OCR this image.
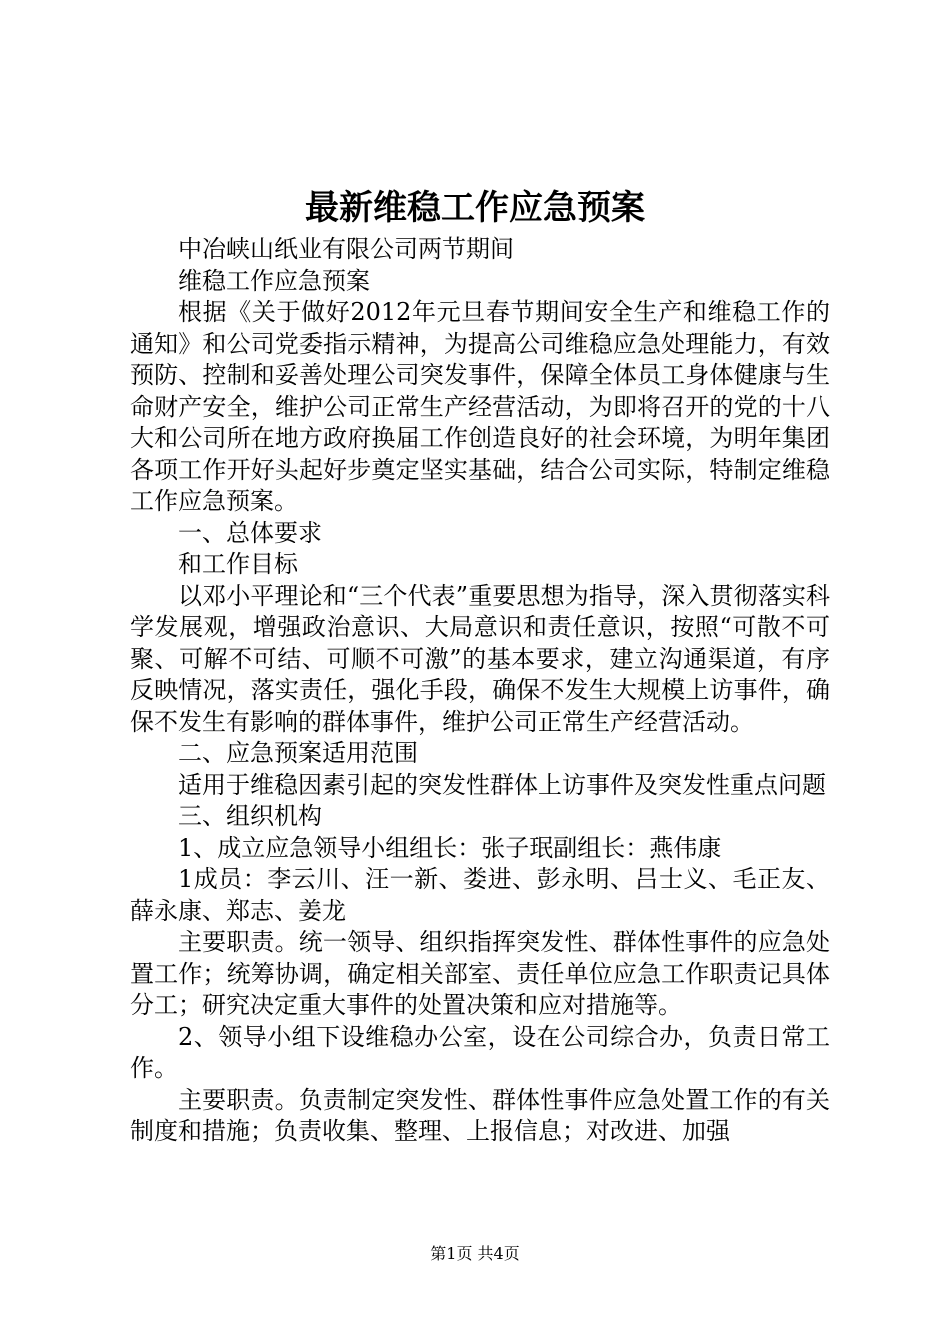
最新维稳工作应急预案

中冶峡山纸业有限公司两节期间

维稳工作应急预案

根据《关于做好2012年元旦春节期间安全生产和维稳工作的通知》和公司党委指示精神，为提高公司维稳应急处理能力，有效预防、控制和妥善处理公司突发事件，保障全体员工身体健康与生命财产安全，维护公司正常生产经营活动，为即将召开的党的十八大和公司所在地方政府换届工作创造良好的社会环境，为明年集团各项工作开好头起好步奠定坚实基础，结合公司实际，特制定维稳工作应急预案。

一、总体要求

和工作目标

以邓小平理论和“三个代表”重要思想为指导，深入贯彻落实科学发展观，增强政治意识、大局意识和责任意识，按照“可散不可聚、可解不可结、可顺不可激”的基本要求，建立沟通渠道，有序反映情况，落实责任，强化手段，确保不发生大规模上访事件，确保不发生有影响的群体事件，维护公司正常生产经营活动。

二、应急预案适用范围

适用于维稳因素引起的突发性群体上访事件及突发性重点问题

三、组织机构

1、成立应急领导小组组长：张子珉副组长：燕伟康

1成员：李云川、汪一新、娄进、彭永明、吕士义、毛正友、薛永康、郑志、姜龙

主要职责。统一领导、组织指挥突发性、群体性事件的应急处置工作；统筹协调，确定相关部室、责任单位应急工作职责记具体分工；研究决定重大事件的处置决策和应对措施等。

2、领导小组下设维稳办公室，设在公司综合办，负责日常工作。

主要职责。负责制定突发性、群体性事件应急处置工作的有关制度和措施；负责收集、整理、上报信息；对改进、加强

第1页 共4页
